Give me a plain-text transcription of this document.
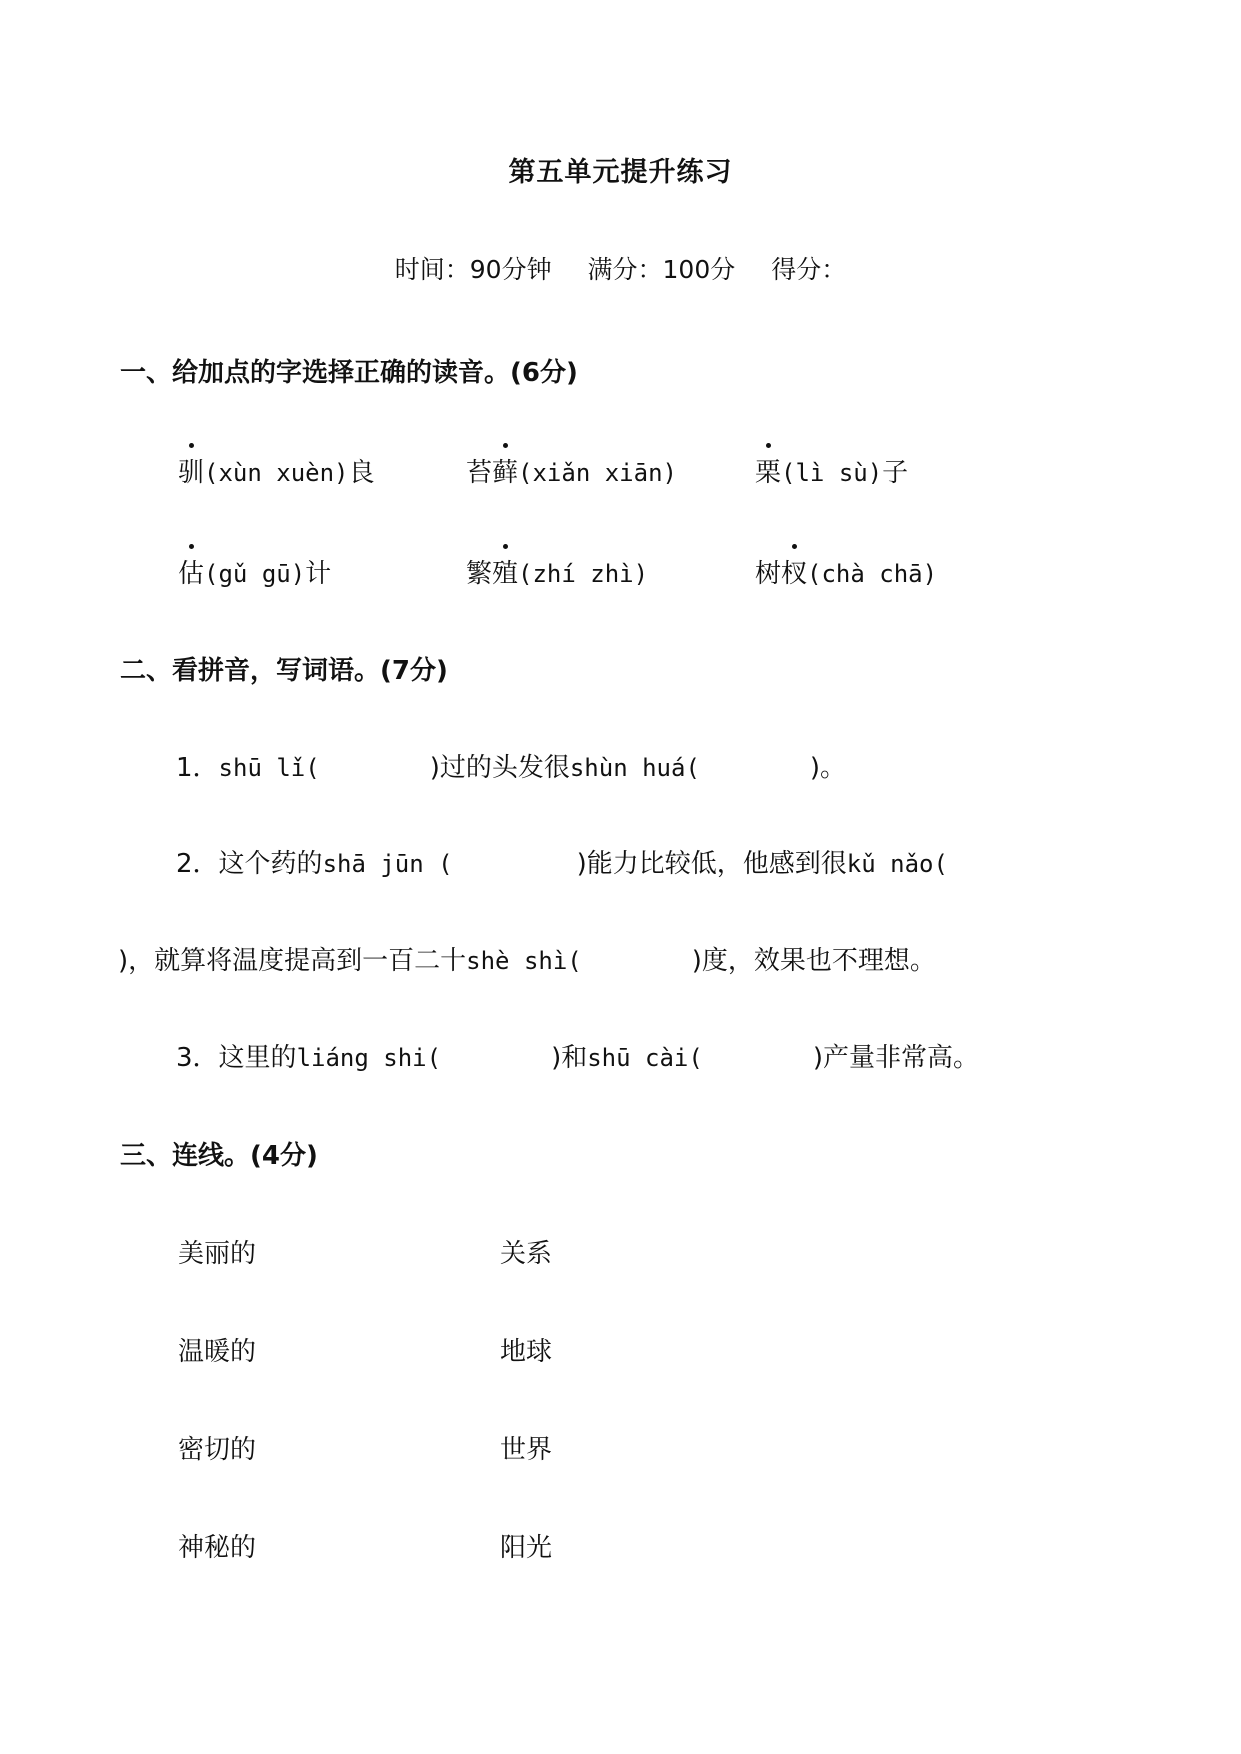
第五单元提升练习
时间：90分钟 满分：100分 得分：
一、给加点的字选择正确的读音。(6分)
驯(xùn xuèn)良	苔藓(xiǎn xiān)	栗(lì sù)子
估(gǔ gū)计	繁殖(zhí zhì)	树杈(chà chā)
二、看拼音，写词语。(7分)
1．shū lǐ(	)过的头发很shùn huá(	)。
2．这个药的shā jūn (	)能力比较低，他感到很kǔ nǎo(
)，就算将温度提高到一百二十shè shì(	)度，效果也不理想。
3．这里的liáng shi(	)和shū cài(	)产量非常高。
三、连线。(4分)
美丽的	关系
温暖的	地球
密切的	世界
神秘的	阳光
